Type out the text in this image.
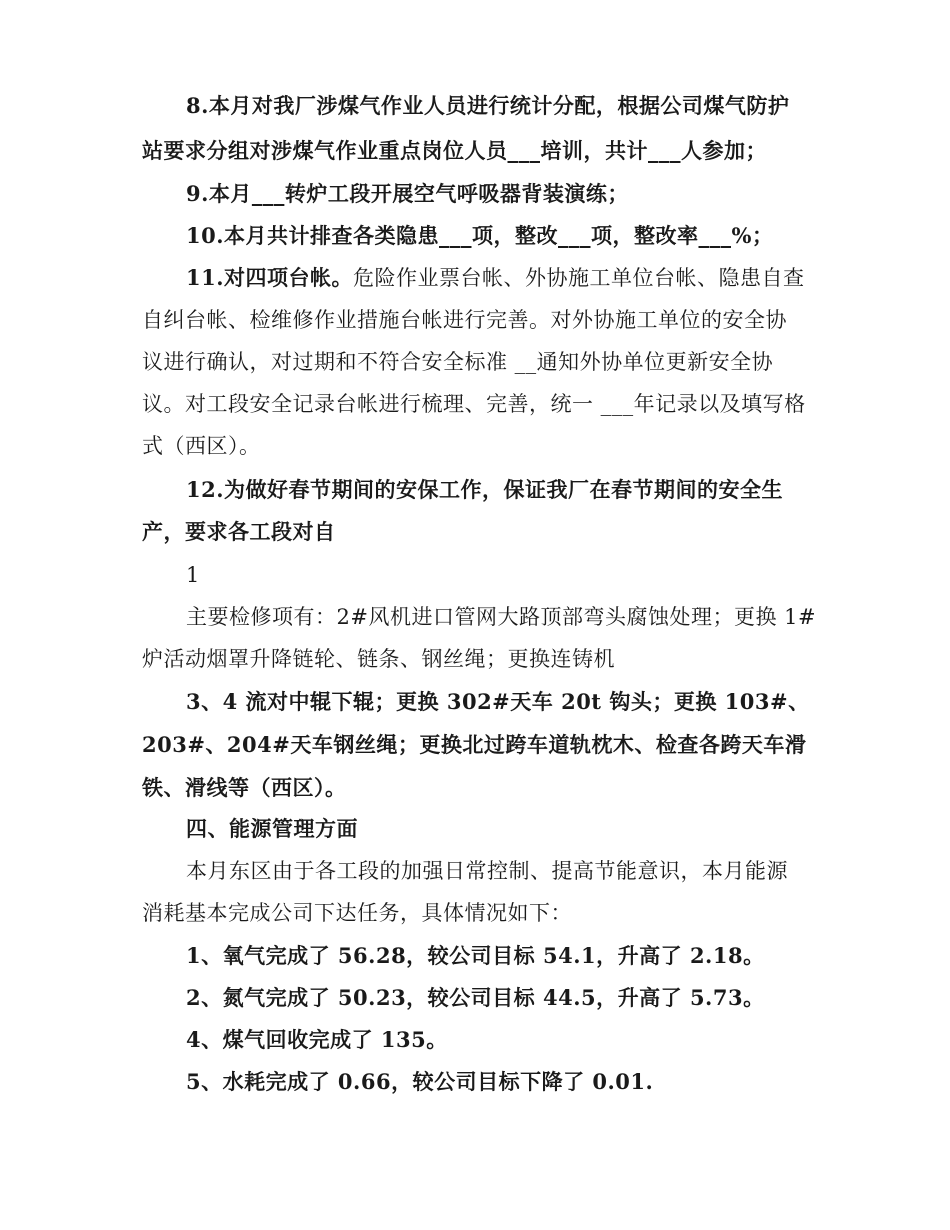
8.本月对我厂涉煤气作业人员进行统计分配，根据公司煤气防护
站要求分组对涉煤气作业重点岗位人员___培训，共计___人参加；
9.本月___转炉工段开展空气呼吸器背装演练；
10.本月共计排查各类隐患___项，整改___项，整改率___%；
11.对四项台帐。危险作业票台帐、外协施工单位台帐、隐患自查
自纠台帐、检维修作业措施台帐进行完善。对外协施工单位的安全协
议进行确认，对过期和不符合安全标准 __通知外协单位更新安全协
议。对工段安全记录台帐进行梳理、完善，统一 ___年记录以及填写格
式（西区）。
12.为做好春节期间的安保工作，保证我厂在春节期间的安全生
产，要求各工段对自
1
主要检修项有：2#风机进口管网大路顶部弯头腐蚀处理；更换 1#
炉活动烟罩升降链轮、链条、钢丝绳；更换连铸机
3、4 流对中辊下辊；更换 302#天车 20t 钩头；更换 103#、
203#、204#天车钢丝绳；更换北过跨车道轨枕木、检查各跨天车滑
铁、滑线等（西区）。
四、能源管理方面
本月东区由于各工段的加强日常控制、提高节能意识，本月能源
消耗基本完成公司下达任务，具体情况如下：
1、氧气完成了 56.28，较公司目标 54.1，升高了 2.18。
2、氮气完成了 50.23，较公司目标 44.5，升高了 5.73。
4、煤气回收完成了 135。
5、水耗完成了 0.66，较公司目标下降了 0.01.
